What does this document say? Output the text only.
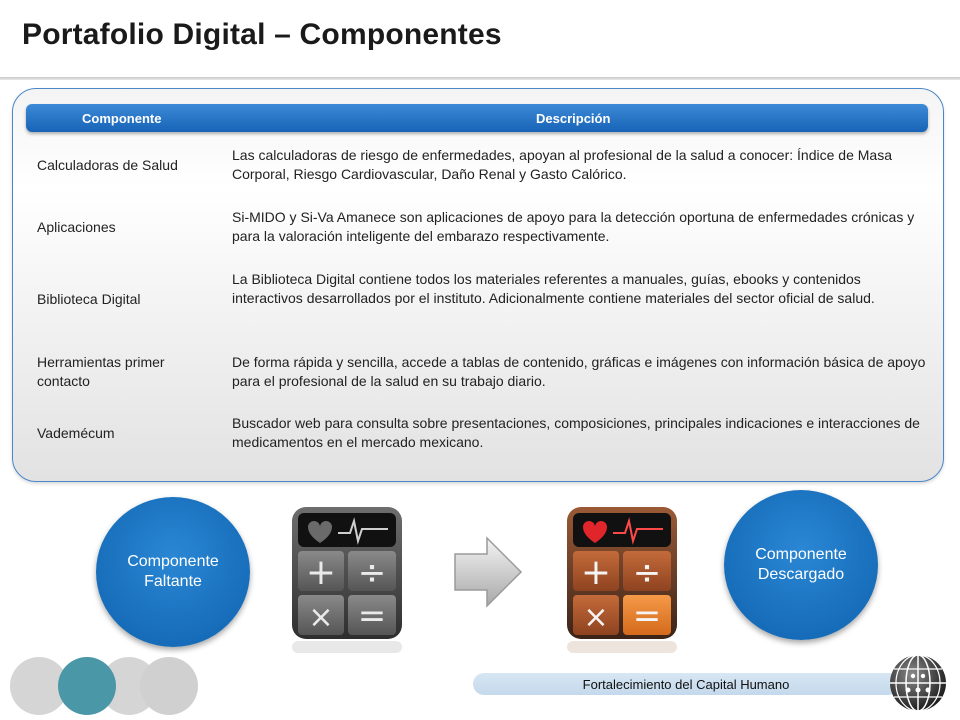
Portafolio Digital – Componentes
Componente	Descripción
Calculadoras de Salud
Las calculadoras de riesgo de enfermedades, apoyan al profesional de la salud a conocer: Índice de Masa Corporal, Riesgo Cardiovascular, Daño Renal y Gasto Calórico.
Aplicaciones
Si-MIDO y Si-Va Amanece son aplicaciones de apoyo para la detección oportuna de enfermedades crónicas y para la valoración inteligente del embarazo respectivamente.
Biblioteca Digital
La Biblioteca Digital contiene todos los materiales referentes a manuales, guías, ebooks y contenidos interactivos desarrollados por el instituto. Adicionalmente contiene materiales del sector oficial de salud.
Herramientas primer contacto
De forma rápida y sencilla, accede a tablas de contenido, gráficas e imágenes con información básica de apoyo para el profesional de la salud en su trabajo diario.
Vademécum
Buscador web para consulta sobre presentaciones, composiciones, principales indicaciones e interacciones de medicamentos en el mercado mexicano.
Componente Faltante	+ ÷
× =
+ ÷
× =
Componente Descargado
Fortalecimiento del Capital Humano
